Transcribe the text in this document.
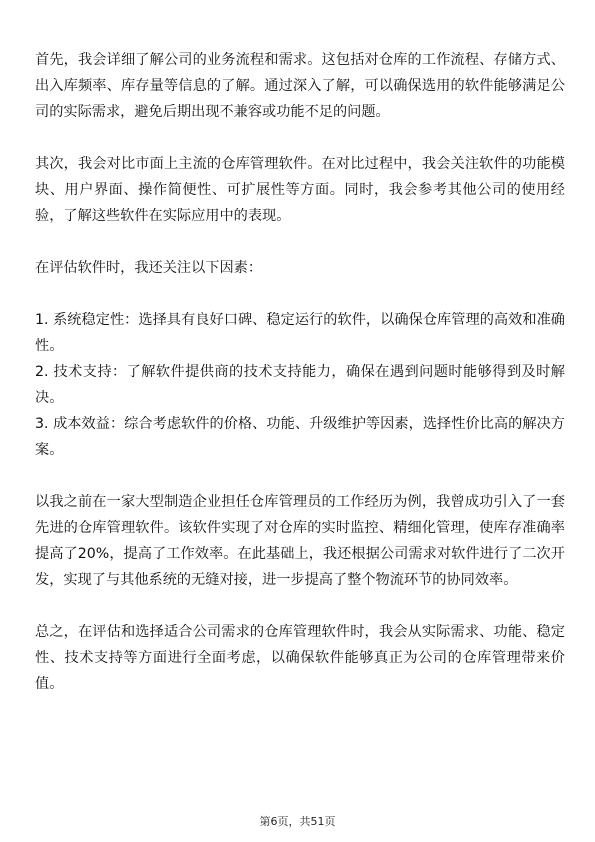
首先，我会详细了解公司的业务流程和需求。这包括对仓库的工作流程、存储方式、出入库频率、库存量等信息的了解。通过深入了解，可以确保选用的软件能够满足公司的实际需求，避免后期出现不兼容或功能不足的问题。

其次，我会对比市面上主流的仓库管理软件。在对比过程中，我会关注软件的功能模块、用户界面、操作简便性、可扩展性等方面。同时，我会参考其他公司的使用经验，了解这些软件在实际应用中的表现。

在评估软件时，我还关注以下因素：

1. 系统稳定性：选择具有良好口碑、稳定运行的软件，以确保仓库管理的高效和准确性。

2. 技术支持：了解软件提供商的技术支持能力，确保在遇到问题时能够得到及时解决。

3. 成本效益：综合考虑软件的价格、功能、升级维护等因素，选择性价比高的解决方案。

以我之前在一家大型制造企业担任仓库管理员的工作经历为例，我曾成功引入了一套先进的仓库管理软件。该软件实现了对仓库的实时监控、精细化管理，使库存准确率提高了20%，提高了工作效率。在此基础上，我还根据公司需求对软件进行了二次开发，实现了与其他系统的无缝对接，进一步提高了整个物流环节的协同效率。

总之，在评估和选择适合公司需求的仓库管理软件时，我会从实际需求、功能、稳定性、技术支持等方面进行全面考虑，以确保软件能够真正为公司的仓库管理带来价值。

第6页，共51页
